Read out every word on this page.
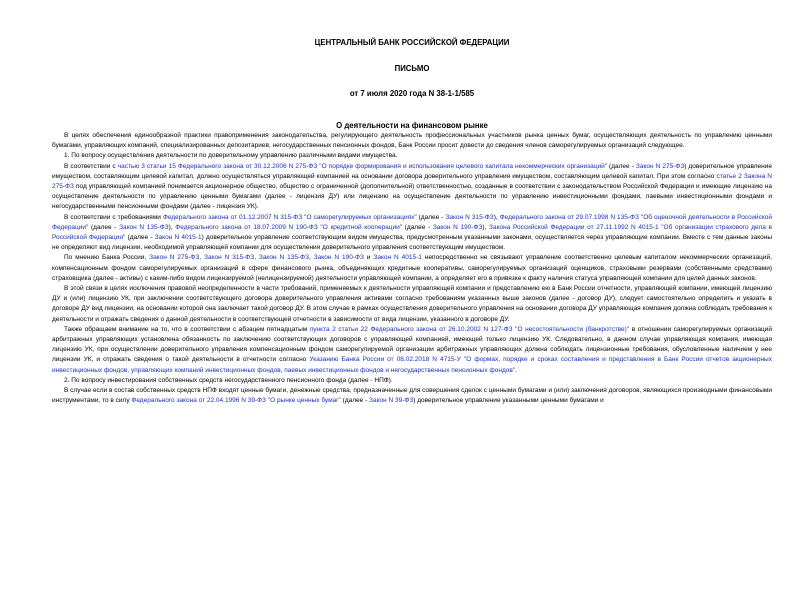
ЦЕНТРАЛЬНЫЙ БАНК РОССИЙСКОЙ ФЕДЕРАЦИИ
ПИСЬМО
от 7 июля 2020 года N 38-1-1/585
О деятельности на финансовом рынке

В целях обеспечения единообразной практики правоприменения законодательства, регулирующего деятельность профессиональных участников рынка ценных бумаг, осуществляющих деятельность по управлению ценными бумагами, управляющих компаний, специализированных депозитариев, негосударственных пенсионных фондов, Банк России просит довести до сведения членов саморегулируемых организаций следующее.

1. По вопросу осуществления деятельности по доверительному управлению различными видами имущества.

В соответствии с частью 3 статьи 15 Федерального закона от 30.12.2006 N 275-ФЗ "О порядке формирования и использования целевого капитала некоммерческих организаций" (далее - Закон N 275-ФЗ) доверительное управление имуществом, составляющим целевой капитал, должно осуществляться управляющей компанией на основании договора доверительного управления имуществом, составляющим целевой капитал. При этом согласно статье 2 Закона N 275-ФЗ под управляющей компанией понимается акционерное общество, общество с ограниченной (дополнительной) ответственностью, созданные в соответствии с законодательством Российской Федерации и имеющие лицензию на осуществление деятельности по управлению ценными бумагами (далее - лицензия ДУ) или лицензию на осуществление деятельности по управлению инвестиционными фондами, паевыми инвестиционными фондами и негосударственными пенсионными фондами (далее - лицензия УК).

В соответствии с требованиями Федерального закона от 01.12.2007 N 315-ФЗ "О саморегулируемых организациях" (далее - Закон N 315-ФЗ), Федерального закона от 29.07.1998 N 135-ФЗ "Об оценочной деятельности в Российской Федерации" (далее - Закон N 135-ФЗ), Федерального закона от 18.07.2009 N 190-ФЗ "О кредитной кооперации" (далее - Закон N 190-ФЗ), Закона Российской Федерации от 27.11.1992 N 4015-1 "Об организации страхового дела в Российской Федерации" (далее - Закон N 4015-1) доверительное управление соответствующим видом имущества, предусмотренным указанными законами, осуществляется через управляющие компании. Вместе с тем данные законы не определяют вид лицензии, необходимой управляющей компании для осуществления доверительного управления соответствующим имуществом.

По мнению Банка России, Закон N 275-ФЗ, Закон N 315-ФЗ, Закон N 135-ФЗ, Закон N 190-ФЗ и Закон N 4015-1 непосредственно не связывают управление соответственно целевым капиталом некоммерческих организаций, компенсационным фондом саморегулируемых организаций в сфере финансового рынка, объединяющих кредитные кооперативы, саморегулируемых организаций оценщиков, страховыми резервами (собственными средствами) страховщика (далее - активы) с каким-либо видом лицензируемой (нелицензируемой) деятельности управляющей компании, а определяет его в привязке к факту наличия статуса управляющей компании для целей данных законов.

В этой связи в целях исключения правовой неопределенности в части требований, применяемых к деятельности управляющей компании и представлению ею в Банк России отчетности, управляющей компании, имеющей лицензию ДУ и (или) лицензию УК, при заключении соответствующего договора доверительного управления активами согласно требованиям указанных выше законов (далее - договор ДУ), следует самостоятельно определить и указать в договоре ДУ вид лицензии, на основании которой она заключает такой договор ДУ. В этом случае в рамках осуществления доверительного управления на основании договора ДУ управляющая компания должна соблюдать требования к деятельности и отражать сведения о данной деятельности в соответствующей отчетности в зависимости от вида лицензии, указанного в договоре ДУ.

Также обращаем внимание на то, что в соответствии с абзацем пятнадцатым пункта 2 статьи 22 Федерального закона от 26.10.2002 N 127-ФЗ "О несостоятельности (банкротстве)" в отношении саморегулируемых организаций арбитражных управляющих установлена обязанность по заключению соответствующих договоров с управляющей компанией, имеющей только лицензию УК. Следовательно, в данном случае управляющая компания, имеющая лицензию УК, при осуществлении доверительного управления компенсационным фондом саморегулируемой организации арбитражных управляющих должна соблюдать лицензионные требования, обусловленные наличием у нее лицензии УК, и отражать сведения о такой деятельности в отчетности согласно Указанию Банка России от 08.02.2018 N 4715-У "О формах, порядке и сроках составления и представления в Банк России отчетов акционерных инвестиционных фондов, управляющих компаний инвестиционных фондов, паевых инвестиционных фондов и негосударственных пенсионных фондов".

2. По вопросу инвестирования собственных средств негосударственного пенсионного фонда (далее - НПФ).

В случае если в состав собственных средств НПФ входят ценные бумаги, денежные средства, предназначенные для совершения сделок с ценными бумагами и (или) заключения договоров, являющихся производными финансовыми инструментами, то в силу Федерального закона от 22.04.1996 N 39-ФЗ "О рынке ценных бумаг" (далее - Закон N 39-ФЗ) доверительное управление указанными ценными бумагами и
